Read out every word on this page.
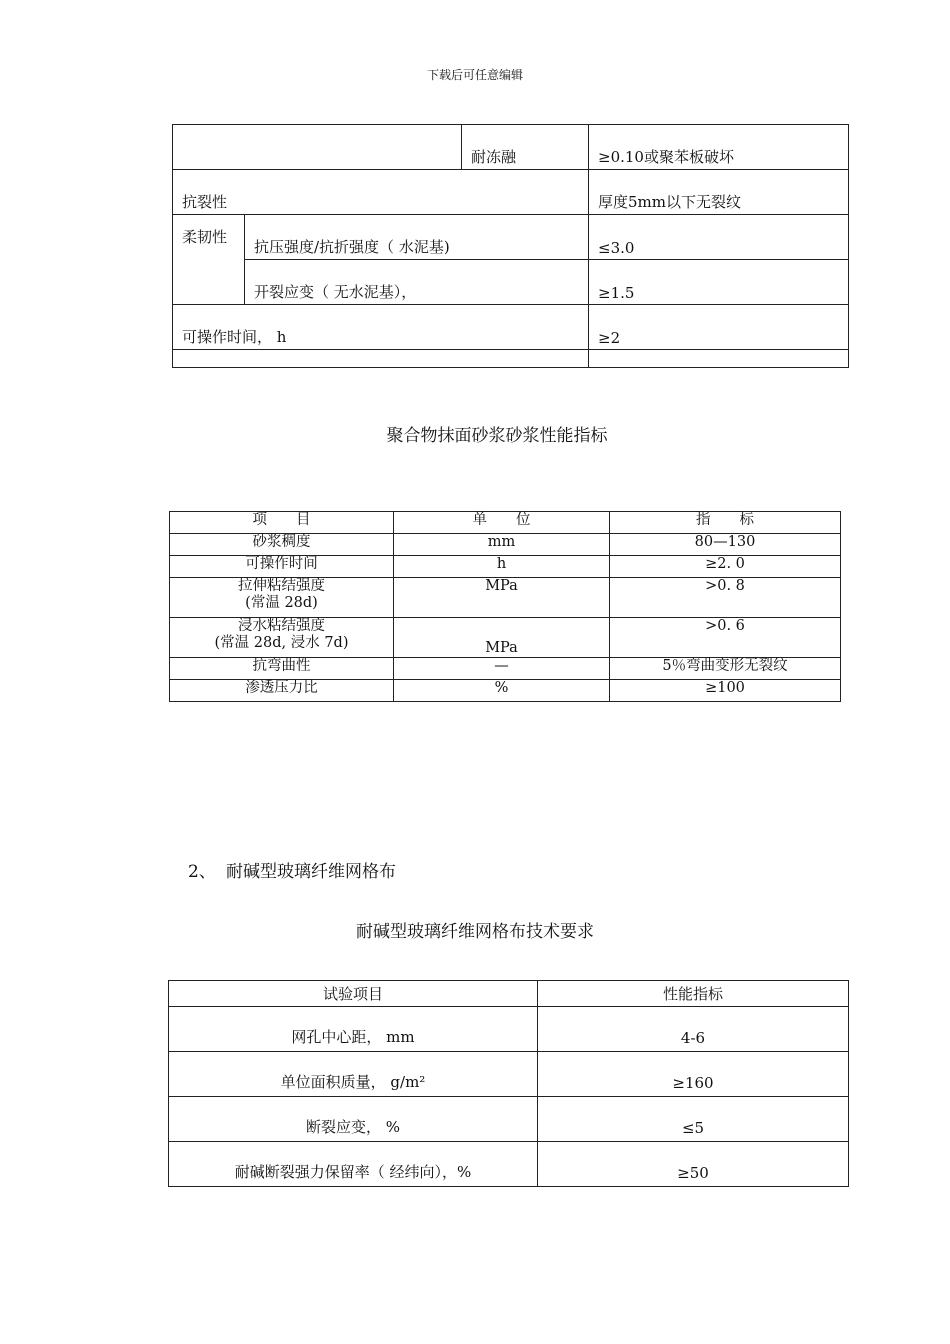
下载后可任意编辑
		耐冻融	≥0.10或聚苯板破坏
抗裂性			厚度5mm以下无裂纹
柔韧性	抗压强度/抗折强度（ 水泥基)		≤3.0
	开裂应变（ 无水泥基），		≥1.5
可操作时间， h			≥2

聚合物抹面砂浆砂浆性能指标
项　　目	单　　位	指　　标
砂浆稠度	mm	80—130
可操作时间	h	≥2. 0

拉伸粘结强度
(常温 28d)	MPa	>0. 8

浸水粘结强度
(常温 28d, 浸水 7d)	MPa	>0. 6
抗弯曲性	—	5％弯曲变形无裂纹
渗透压力比	%	≥100
2、 耐碱型玻璃纤维网格布
耐碱型玻璃纤维网格布技术要求
试验项目	性能指标
网孔中心距， mm	4-6
单位面积质量， g/m²	≥160
断裂应变， %	≤5
耐碱断裂强力保留率（ 经纬向），%	≥50
